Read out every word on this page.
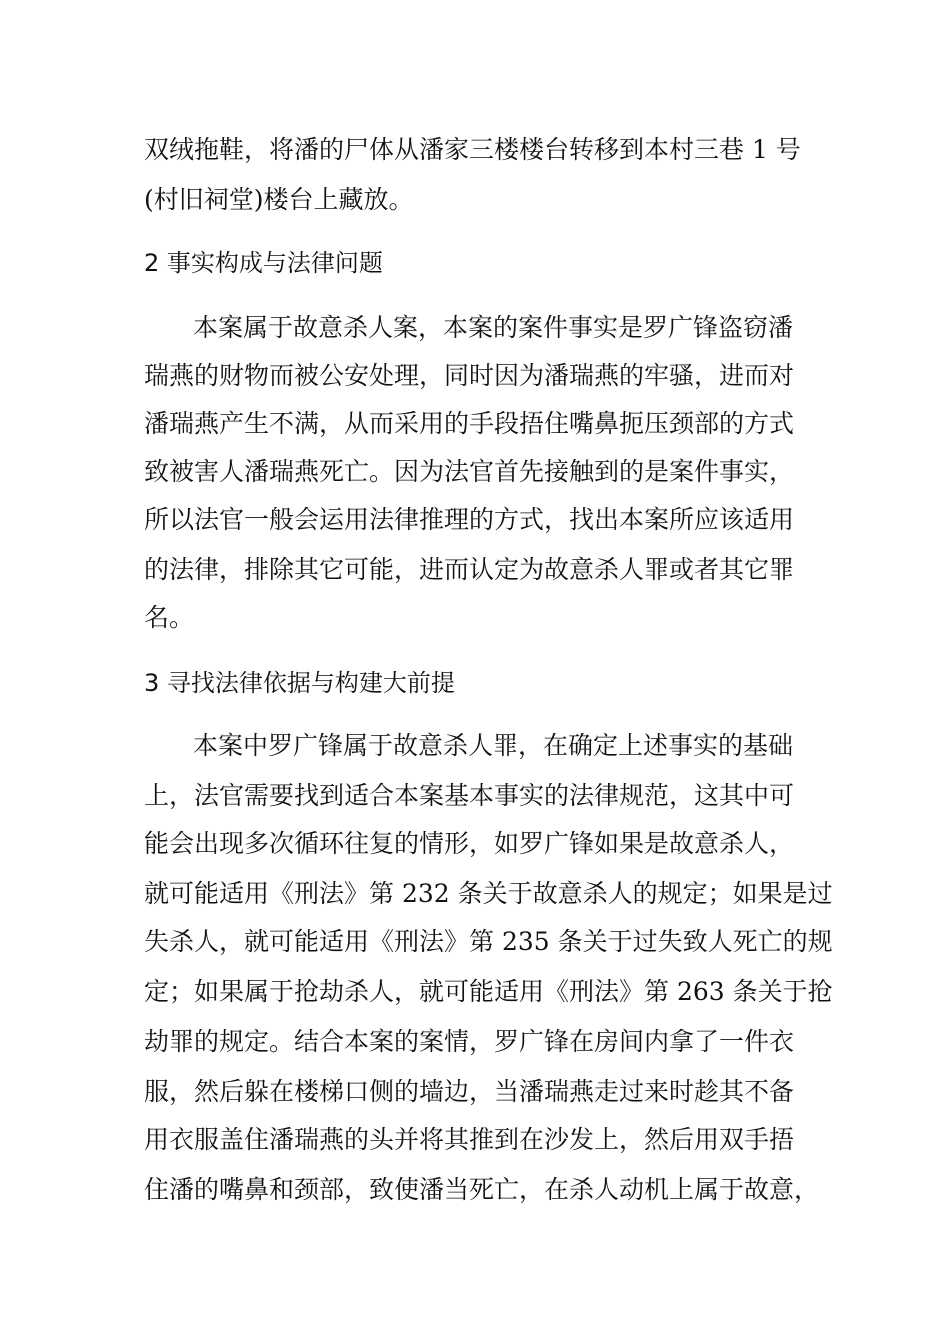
双绒拖鞋，将潘的尸体从潘家三楼楼台转移到本村三巷 1 号
(村旧祠堂)楼台上藏放。
2 事实构成与法律问题
本案属于故意杀人案，本案的案件事实是罗广锋盗窃潘
瑞燕的财物而被公安处理，同时因为潘瑞燕的牢骚，进而对
潘瑞燕产生不满，从而采用的手段捂住嘴鼻扼压颈部的方式
致被害人潘瑞燕死亡。因为法官首先接触到的是案件事实，
所以法官一般会运用法律推理的方式，找出本案所应该适用
的法律，排除其它可能，进而认定为故意杀人罪或者其它罪
名。
3 寻找法律依据与构建大前提
本案中罗广锋属于故意杀人罪，在确定上述事实的基础
上，法官需要找到适合本案基本事实的法律规范，这其中可
能会出现多次循环往复的情形，如罗广锋如果是故意杀人，
就可能适用《刑法》第 232 条关于故意杀人的规定；如果是过
失杀人，就可能适用《刑法》第 235 条关于过失致人死亡的规
定；如果属于抢劫杀人，就可能适用《刑法》第 263 条关于抢
劫罪的规定。结合本案的案情，罗广锋在房间内拿了一件衣
服，然后躲在楼梯口侧的墙边，当潘瑞燕走过来时趁其不备
用衣服盖住潘瑞燕的头并将其推到在沙发上，然后用双手捂
住潘的嘴鼻和颈部，致使潘当死亡，在杀人动机上属于故意，
